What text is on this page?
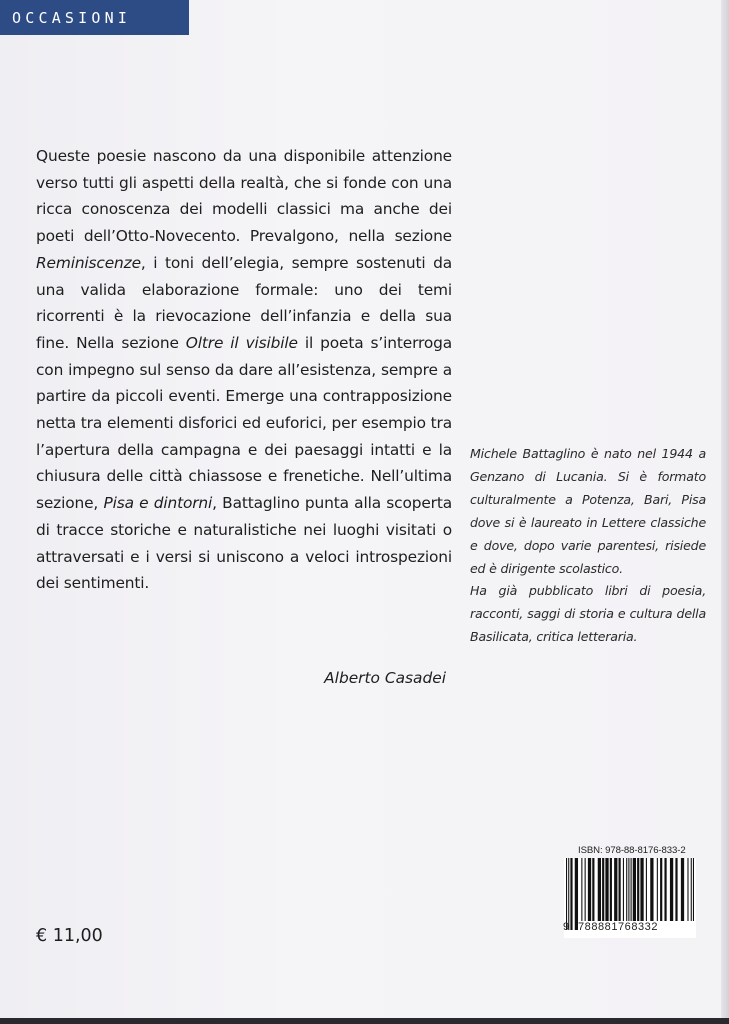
OCCASIONI

Queste poesie nascono da una disponibile attenzione verso tutti gli aspetti della realtà, che si fonde con una ricca conoscenza dei modelli classici ma anche dei poeti dell’Otto-Novecento. Prevalgono, nella sezione Reminiscenze, i toni dell’elegia, sempre sostenuti da una valida elaborazione formale: uno dei temi ricorrenti è la rievocazione dell’infanzia e della sua fine. Nella sezione Oltre il visibile il poeta s’interroga con impegno sul senso da dare all’esistenza, sempre a partire da piccoli eventi. Emerge una contrapposizione netta tra elementi disforici ed euforici, per esempio tra l’apertura della campagna e dei paesaggi intatti e la chiusura delle città chiassose e frenetiche. Nell’ultima sezione, Pisa e dintorni, Battaglino punta alla scoperta di tracce storiche e naturalistiche nei luoghi visitati o attraversati e i versi si uniscono a veloci introspezioni dei sentimenti.

Alberto Casadei

Michele Battaglino è nato nel 1944 a Genzano di Lucania. Si è formato culturalmente a Potenza, Bari, Pisa dove si è laureato in Lettere classiche e dove, dopo varie parentesi, risiede ed è dirigente scolastico.

Ha già pubblicato libri di poesia, racconti, saggi di storia e cultura della Basilicata, critica letteraria.

€ 11,00
ISBN: 978-88-8176-833-2
9 788881768332
